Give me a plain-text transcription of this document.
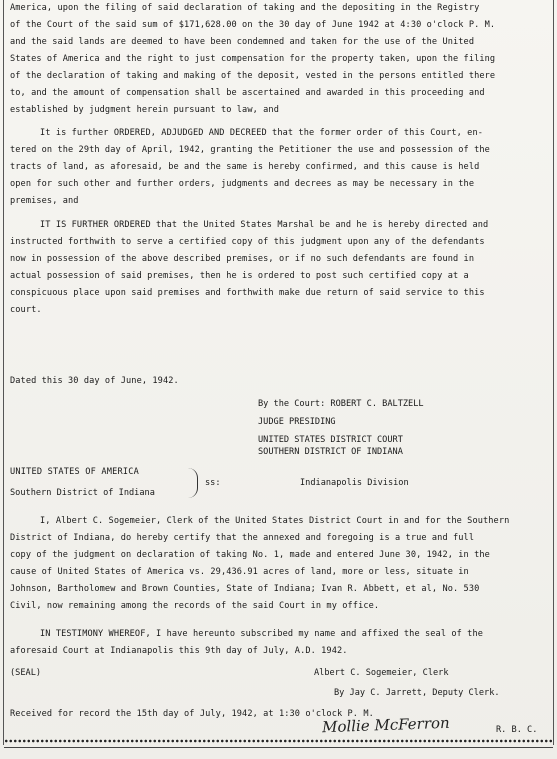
America, upon the filing of said declaration of taking and the depositing in the Registry
of the Court of the said sum of $171,628.00 on the 30 day of June 1942 at 4:30 o'clock P. M.
and the said lands are deemed to have been condemned and taken for the use of the United
States of America and the right to just compensation for the property taken, upon the filing
of the declaration of taking and making of the deposit, vested in the persons entitled there
to, and the amount of compensation shall be ascertained and awarded in this proceeding and
established by judgment herein pursuant to law, and
It is further ORDERED, ADJUDGED AND DECREED that the former order of this Court, en-
tered on the 29th day of April, 1942, granting the Petitioner the use and possession of the
tracts of land, as aforesaid, be and the same is hereby confirmed, and this cause is held
open for such other and further orders, judgments and decrees as may be necessary in the
premises, and
IT IS FURTHER ORDERED that the United States Marshal be and he is hereby directed and
instructed forthwith to serve a certified copy of this judgment upon any of the defendants
now in possession of the above described premises, or if no such defendants are found in
actual possession of said premises, then he is ordered to post such certified copy at a
conspicuous place upon said premises and forthwith make due return of said service to this
court.
Dated this 30 day of June, 1942.
By the Court: ROBERT C. BALTZELL
JUDGE PRESIDING
UNITED STATES DISTRICT COURT
SOUTHERN DISTRICT OF INDIANA
UNITED STATES OF AMERICA
Southern District of Indiana
ss:	Indianapolis Division
I, Albert C. Sogemeier, Clerk of the United States District Court in and for the Southern
District of Indiana, do hereby certify that the annexed and foregoing is a true and full
copy of the judgment on declaration of taking No. 1, made and entered June 30, 1942, in the
cause of United States of America vs. 29,436.91 acres of land, more or less, situate in
Johnson, Bartholomew and Brown Counties, State of Indiana; Ivan R. Abbett, et al, No. 530
Civil, now remaining among the records of the said Court in my office.
IN TESTIMONY WHEREOF, I have hereunto subscribed my name and affixed the seal of the
aforesaid Court at Indianapolis this 9th day of July, A.D. 1942.
(SEAL)	Albert C. Sogemeier, Clerk
By Jay C. Jarrett, Deputy Clerk.
Received for record the 15th day of July, 1942, at 1:30 o'clock P. M.
Mollie McFerron	R. B. C.
